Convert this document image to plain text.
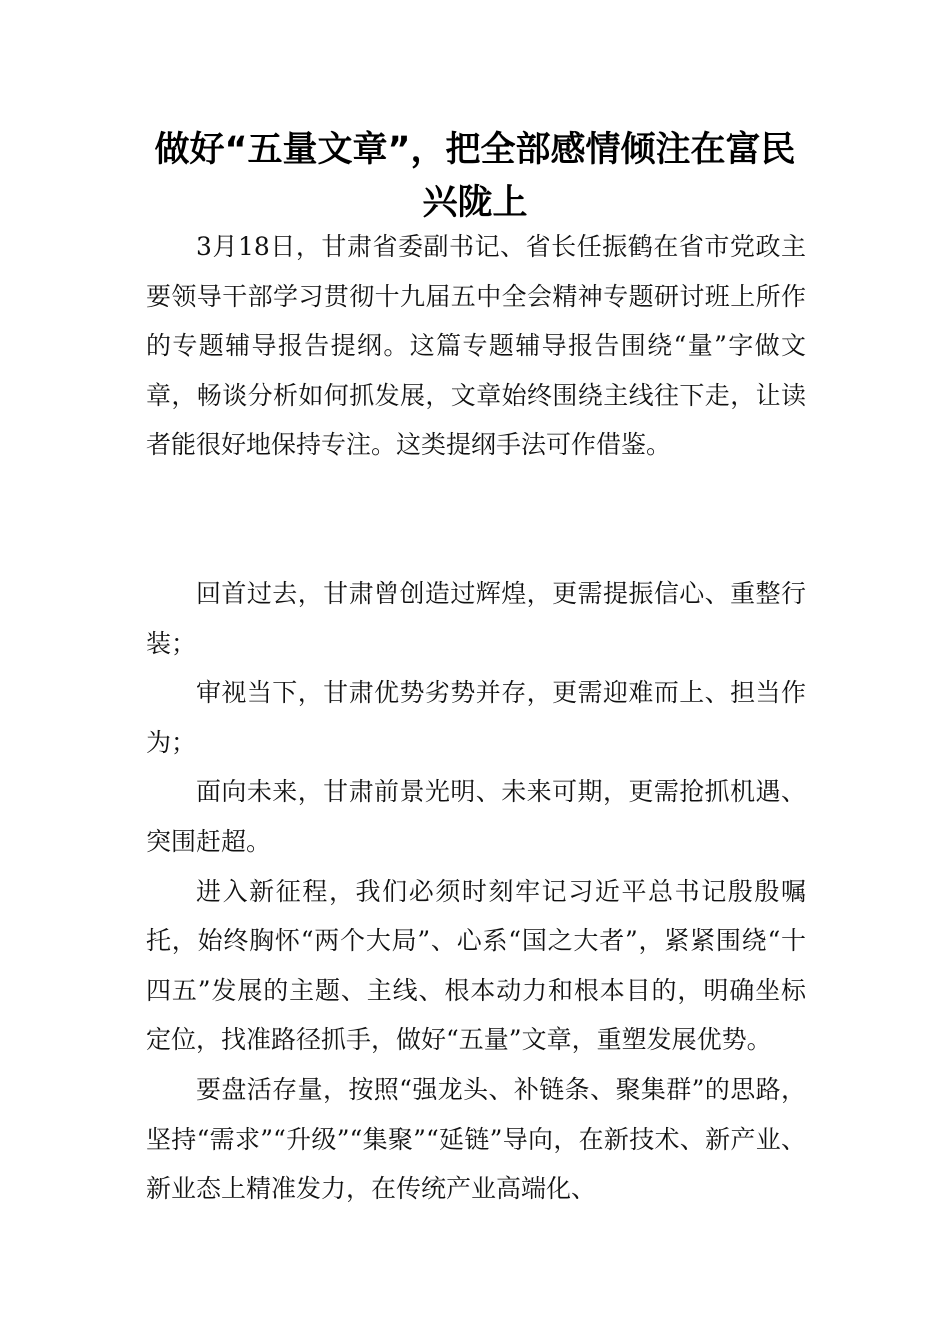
做好“五量文章”，把全部感情倾注在富民兴陇上

3月18日，甘肃省委副书记、省长任振鹤在省市党政主要领导干部学习贯彻十九届五中全会精神专题研讨班上所作的专题辅导报告提纲。这篇专题辅导报告围绕“量”字做文章，畅谈分析如何抓发展，文章始终围绕主线往下走，让读者能很好地保持专注。这类提纲手法可作借鉴。

回首过去，甘肃曾创造过辉煌，更需提振信心、重整行装；

审视当下，甘肃优势劣势并存，更需迎难而上、担当作为；

面向未来，甘肃前景光明、未来可期，更需抢抓机遇、突围赶超。

进入新征程，我们必须时刻牢记习近平总书记殷殷嘱托，始终胸怀“两个大局”、心系“国之大者”，紧紧围绕“十四五”发展的主题、主线、根本动力和根本目的，明确坐标定位，找准路径抓手，做好“五量”文章，重塑发展优势。

要盘活存量，按照“强龙头、补链条、聚集群”的思路，坚持“需求”“升级”“集聚”“延链”导向，在新技术、新产业、新业态上精准发力，在传统产业高端化、
